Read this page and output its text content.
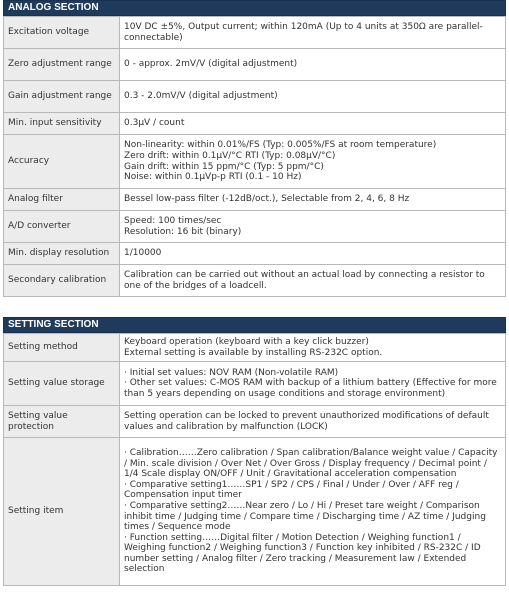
ANALOG SECTION
Excitation voltage	10V DC ±5%, Output current; within 120mA (Up to 4 units at 350Ω are parallel-connectable)

Zero adjustment range	0 - approx. 2mV/V (digital adjustment)

Gain adjustment range	0.3 - 2.0mV/V (digital adjustment)

Min. input sensitivity	0.3μV / count

Accuracy	Non-linearity: within 0.01%/FS (Typ: 0.005%/FS at room temperature)
Zero drift: within 0.1μV/°C RTI (Typ: 0.08μV/°C)
Gain drift: within 15 ppm/°C (Typ: 5 ppm/°C)
Noise: within 0.1μVp-p RTI (0.1 - 10 Hz)

Analog filter	Bessel low-pass filter (-12dB/oct.), Selectable from 2, 4, 6, 8 Hz

A/D converter	Speed: 100 times/sec
Resolution: 16 bit (binary)

Min. display resolution	1/10000

Secondary calibration	Calibration can be carried out without an actual load by connecting a resistor to one of the bridges of a loadcell.
SETTING SECTION
Setting method	Keyboard operation (keyboard with a key click buzzer)
External setting is available by installing RS-232C option.

Setting value storage	· Initial set values: NOV RAM (Non-volatile RAM)
· Other set values: C-MOS RAM with backup of a lithium battery (Effective for more than 5 years depending on usage conditions and storage environment)

Setting value protection	Setting operation can be locked to prevent unauthorized modifications of default values and calibration by malfunction (LOCK)

Setting item	· Calibration……Zero calibration / Span calibration/Balance weight value / Capacity / Min. scale division / Over Net / Over Gross / Display frequency / Decimal point / 1/4 Scale display ON/OFF / Unit / Gravitational acceleration compensation
· Comparative setting1……SP1 / SP2 / CPS / Final / Under / Over / AFF reg / Compensation input timer
· Comparative setting2……Near zero / Lo / Hi / Preset tare weight / Comparison inhibit time / Judging time / Compare time / Discharging time / AZ time / Judging times / Sequence mode
· Function setting……Digital filter / Motion Detection / Weighing function1 / Weighing function2 / Weighing function3 / Function key inhibited / RS-232C / ID number setting / Analog filter / Zero tracking / Measurement law / Extended selection
